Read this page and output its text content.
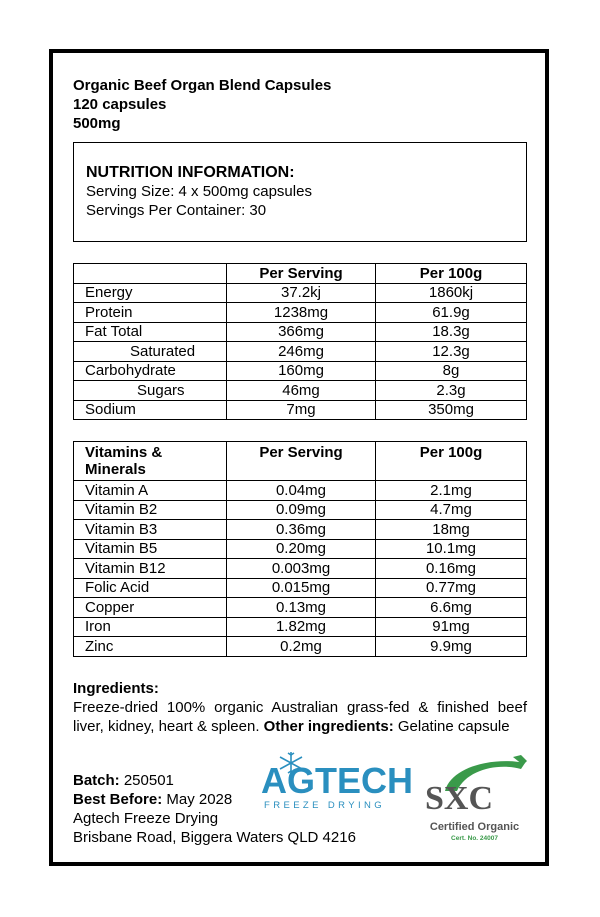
Organic Beef Organ Blend Capsules
120 capsules
500mg
NUTRITION INFORMATION:
Serving Size: 4 x 500mg capsules
Servings Per Container: 30
	Per Serving	Per 100g
Energy	37.2kj	1860kj
Protein	1238mg	61.9g
Fat Total	366mg	18.3g
Saturated	246mg	12.3g
Carbohydrate	160mg	8g
Sugars	46mg	2.3g
Sodium	7mg	350mg
Vitamins & Minerals	Per Serving	Per 100g
Vitamin A	0.04mg	2.1mg
Vitamin B2	0.09mg	4.7mg
Vitamin B3	0.36mg	18mg
Vitamin B5	0.20mg	10.1mg
Vitamin B12	0.003mg	0.16mg
Folic Acid	0.015mg	0.77mg
Copper	0.13mg	6.6mg
Iron	1.82mg	91mg
Zinc	0.2mg	9.9mg
Ingredients:

Freeze-dried 100% organic Australian grass-fed & finished beef liver, kidney, heart & spleen. Other ingredients: Gelatine capsule

Batch: 250501
Best Before: May 2028
Agtech Freeze Drying
Brisbane Road, Biggera Waters QLD 4216
AGTECH
FREEZE DRYING SXC
Certified Organic
Cert. No. 24007
